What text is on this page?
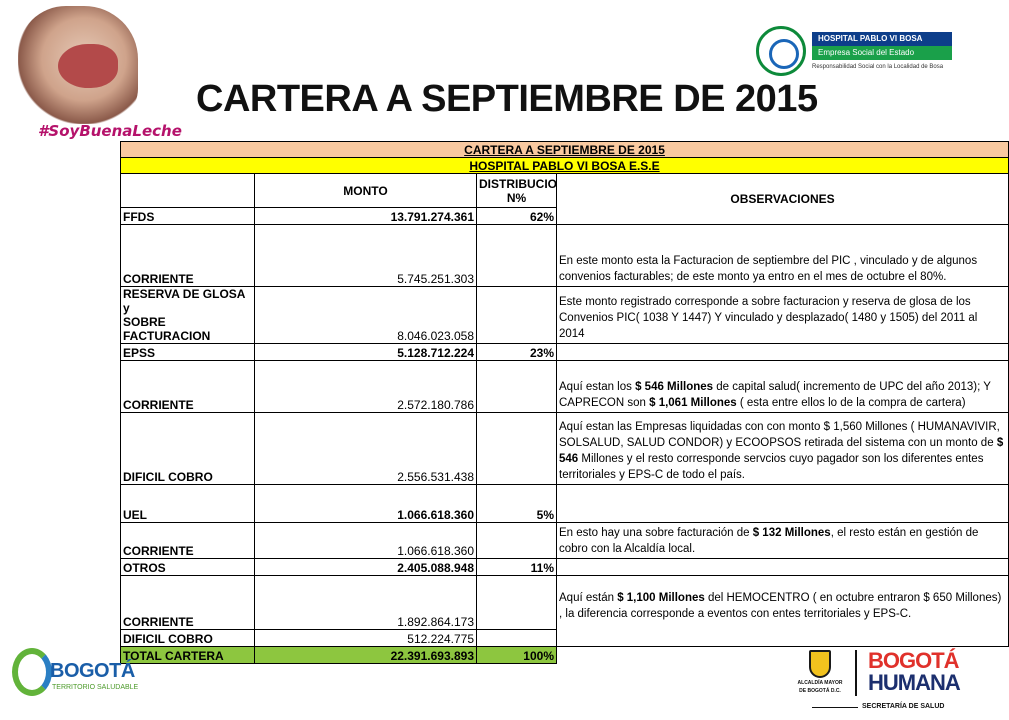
#SoyBuenaLeche
HOSPITAL PABLO VI BOSA
Empresa Social del Estado
Responsabilidad Social con la Localidad de Bosa
CARTERA A SEPTIEMBRE DE 2015
CARTERA A SEPTIEMBRE DE 2015			
HOSPITAL PABLO VI BOSA E.S.E			
	MONTO	DISTRIBUCIO
N%	OBSERVACIONES
FFDS	13.791.274.361	62%	
CORRIENTE	5.745.251.303		En este monto esta la Facturacion de septiembre del PIC , vinculado y de algunos convenios facturables; de este monto ya entro en el mes de octubre el 80%.

RESERVA DE GLOSA y
SOBRE FACTURACION	8.046.023.058		Este monto registrado corresponde a sobre facturacion y reserva de glosa de los Convenios PIC( 1038 Y 1447) Y vinculado y desplazado( 1480 y 1505) del 2011 al 2014
EPSS	5.128.712.224	23%	
CORRIENTE	2.572.180.786		Aquí estan los $ 546 Millones de capital salud( incremento de UPC del año 2013); Y CAPRECON son $ 1,061 Millones ( esta entre ellos lo de la compra de cartera)
DIFICIL COBRO	2.556.531.438		Aquí estan las Empresas liquidadas con con monto $ 1,560 Millones ( HUMANAVIVIR, SOLSALUD, SALUD CONDOR) y ECOOPSOS retirada del sistema con un monto de $ 546 Millones y el resto corresponde servcios cuyo pagador son los diferentes entes territoriales y EPS-C de todo el país.
UEL	1.066.618.360	5%	
CORRIENTE	1.066.618.360		En esto hay una sobre facturación de $ 132 Millones, el resto están en gestión de cobro con la Alcaldía local.
OTROS	2.405.088.948	11%	
CORRIENTE	1.892.864.173		Aquí están $ 1,100 Millones del HEMOCENTRO ( en octubre entraron $ 650 Millones) , la diferencia corresponde a eventos con entes territoriales y EPS-C.
DIFICIL COBRO	512.224.775		
TOTAL CARTERA	22.391.693.893	100%	
BOGOTÁ
TERRITORIO SALUDABLE
ALCALDÍA MAYOR
DE BOGOTÁ D.C.
BOGOTÁ
HUMANA
SECRETARÍA DE SALUD
